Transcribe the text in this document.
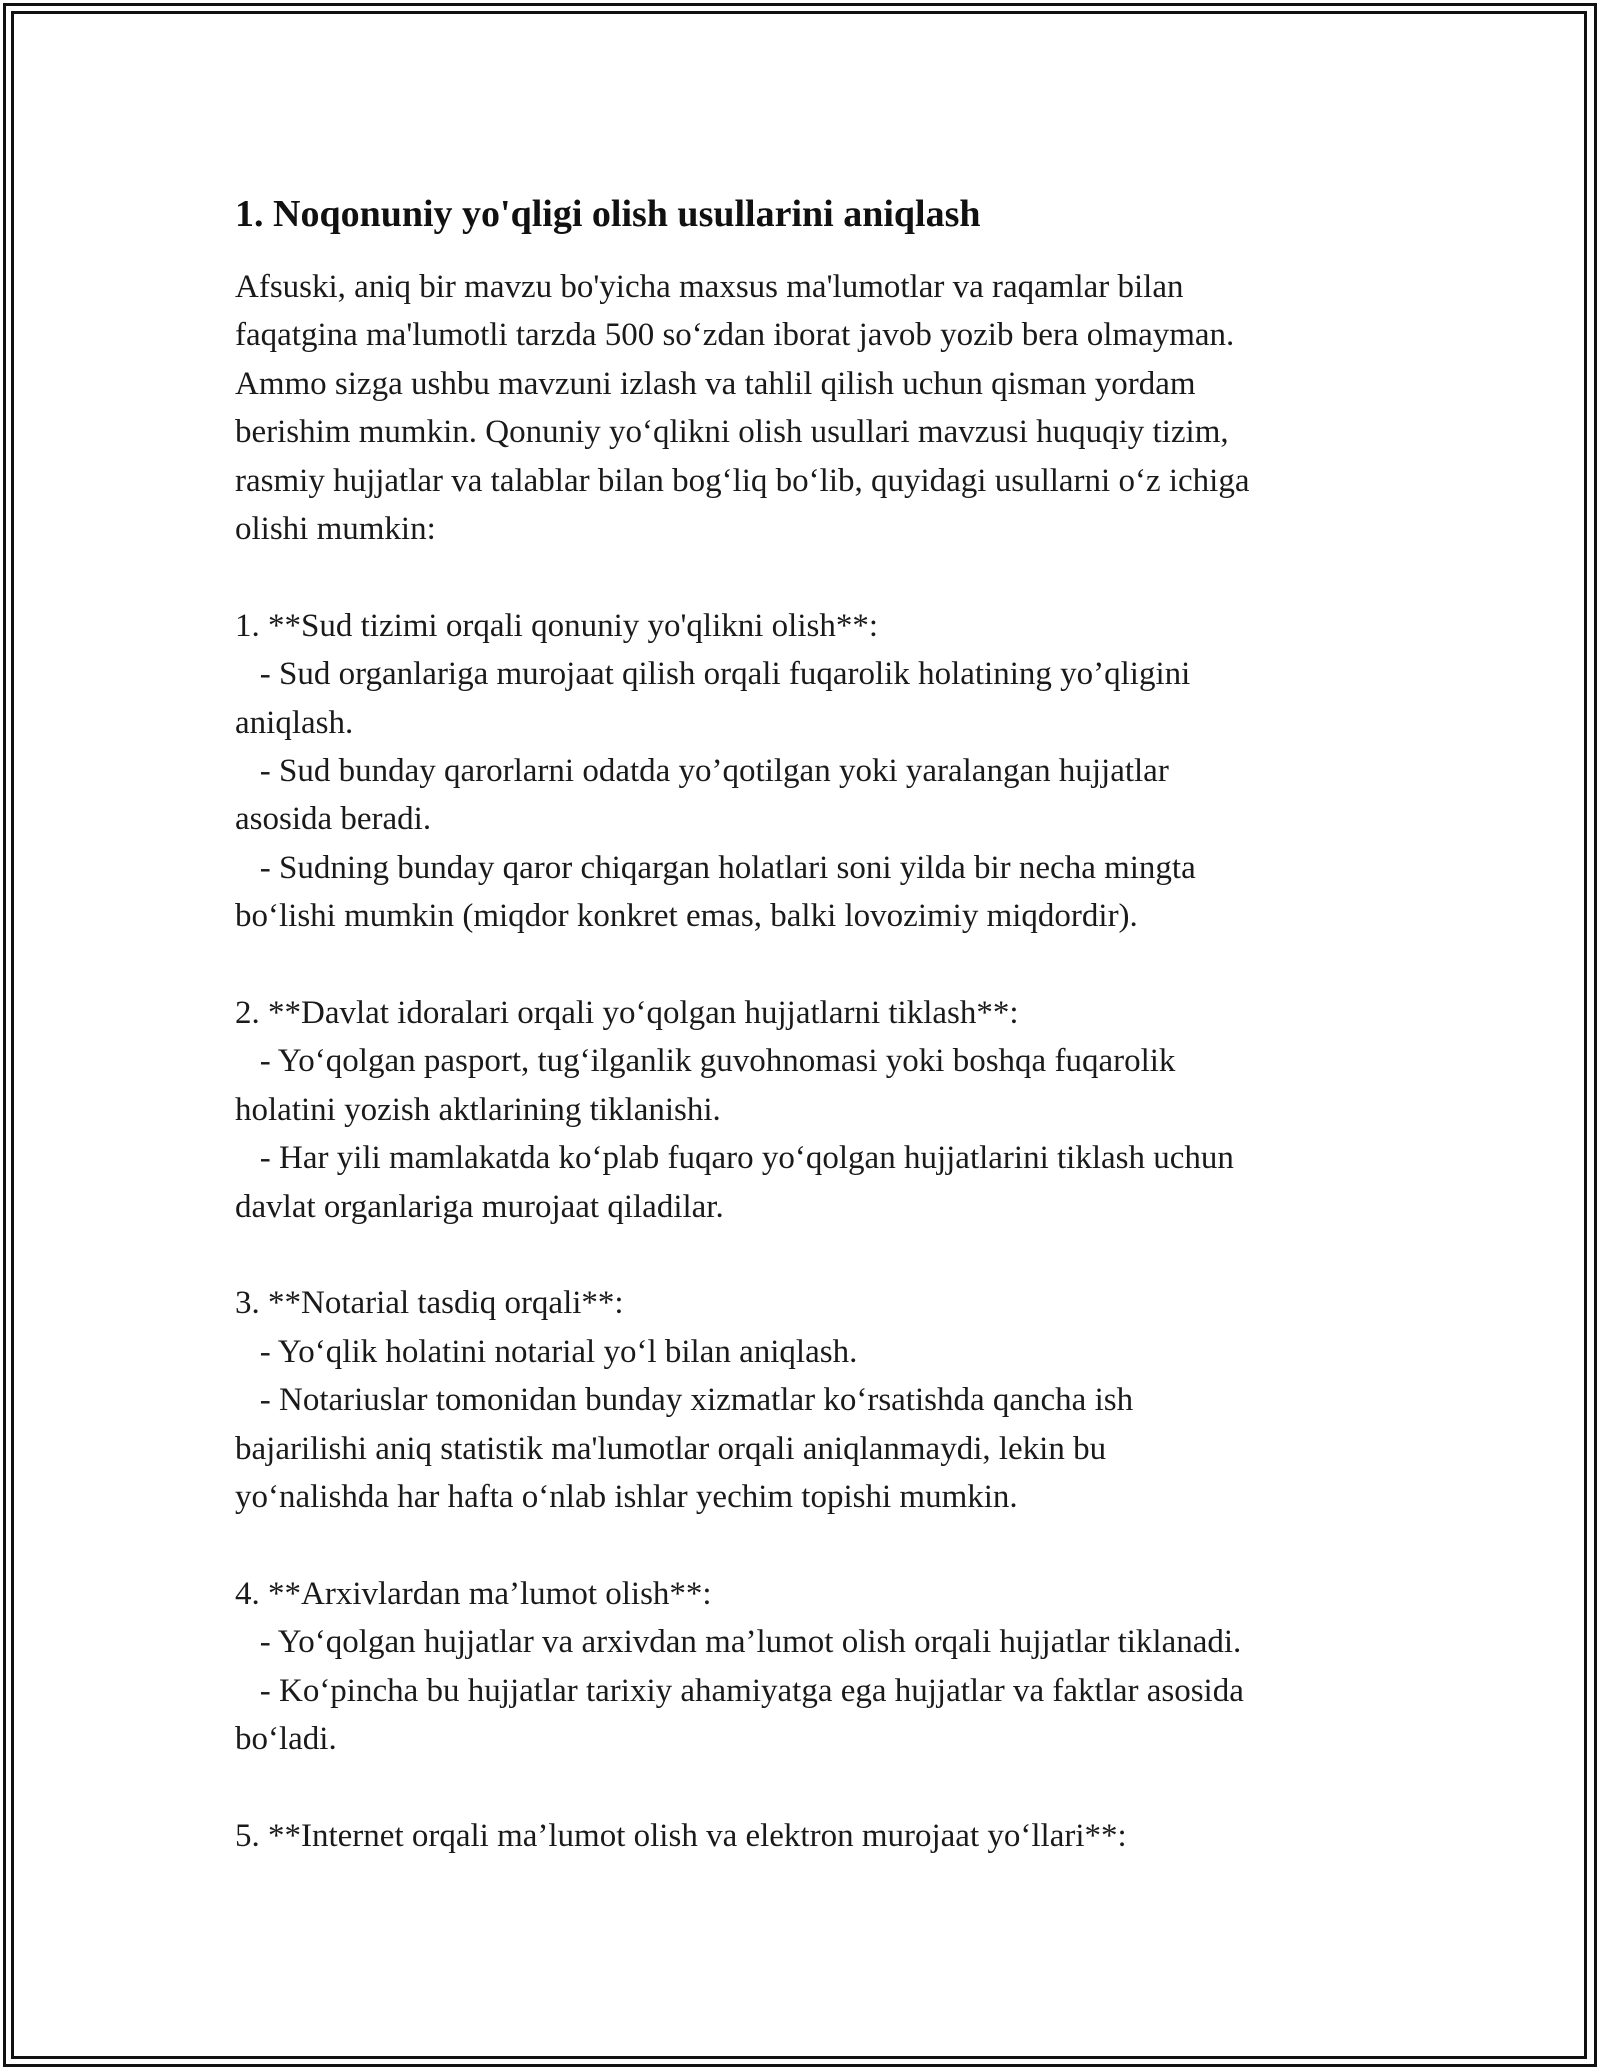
1. Noqonuniy yo'qligi olish usullarini aniqlash

Afsuski, aniq bir mavzu bo'yicha maxsus ma'lumotlar va raqamlar bilan
faqatgina ma'lumotli tarzda 500 so‘zdan iborat javob yozib bera olmayman.
Ammo sizga ushbu mavzuni izlash va tahlil qilish uchun qisman yordam
berishim mumkin. Qonuniy yo‘qlikni olish usullari mavzusi huquqiy tizim,
rasmiy hujjatlar va talablar bilan bog‘liq bo‘lib, quyidagi usullarni o‘z ichiga
olishi mumkin:

1. **Sud tizimi orqali qonuniy yo'qlikni olish**:

- Sud organlariga murojaat qilish orqali fuqarolik holatining yo’qligini
aniqlash.

- Sud bunday qarorlarni odatda yo’qotilgan yoki yaralangan hujjatlar
asosida beradi.

- Sudning bunday qaror chiqargan holatlari soni yilda bir necha mingta
bo‘lishi mumkin (miqdor konkret emas, balki lovozimiy miqdordir).

2. **Davlat idoralari orqali yo‘qolgan hujjatlarni tiklash**:

- Yo‘qolgan pasport, tug‘ilganlik guvohnomasi yoki boshqa fuqarolik
holatini yozish aktlarining tiklanishi.

- Har yili mamlakatda ko‘plab fuqaro yo‘qolgan hujjatlarini tiklash uchun
davlat organlariga murojaat qiladilar.

3. **Notarial tasdiq orqali**:

- Yo‘qlik holatini notarial yo‘l bilan aniqlash.

- Notariuslar tomonidan bunday xizmatlar ko‘rsatishda qancha ish
bajarilishi aniq statistik ma'lumotlar orqali aniqlanmaydi, lekin bu
yo‘nalishda har hafta o‘nlab ishlar yechim topishi mumkin.

4. **Arxivlardan ma’lumot olish**:

- Yo‘qolgan hujjatlar va arxivdan ma’lumot olish orqali hujjatlar tiklanadi.

- Ko‘pincha bu hujjatlar tarixiy ahamiyatga ega hujjatlar va faktlar asosida
bo‘ladi.

5. **Internet orqali ma’lumot olish va elektron murojaat yo‘llari**:
